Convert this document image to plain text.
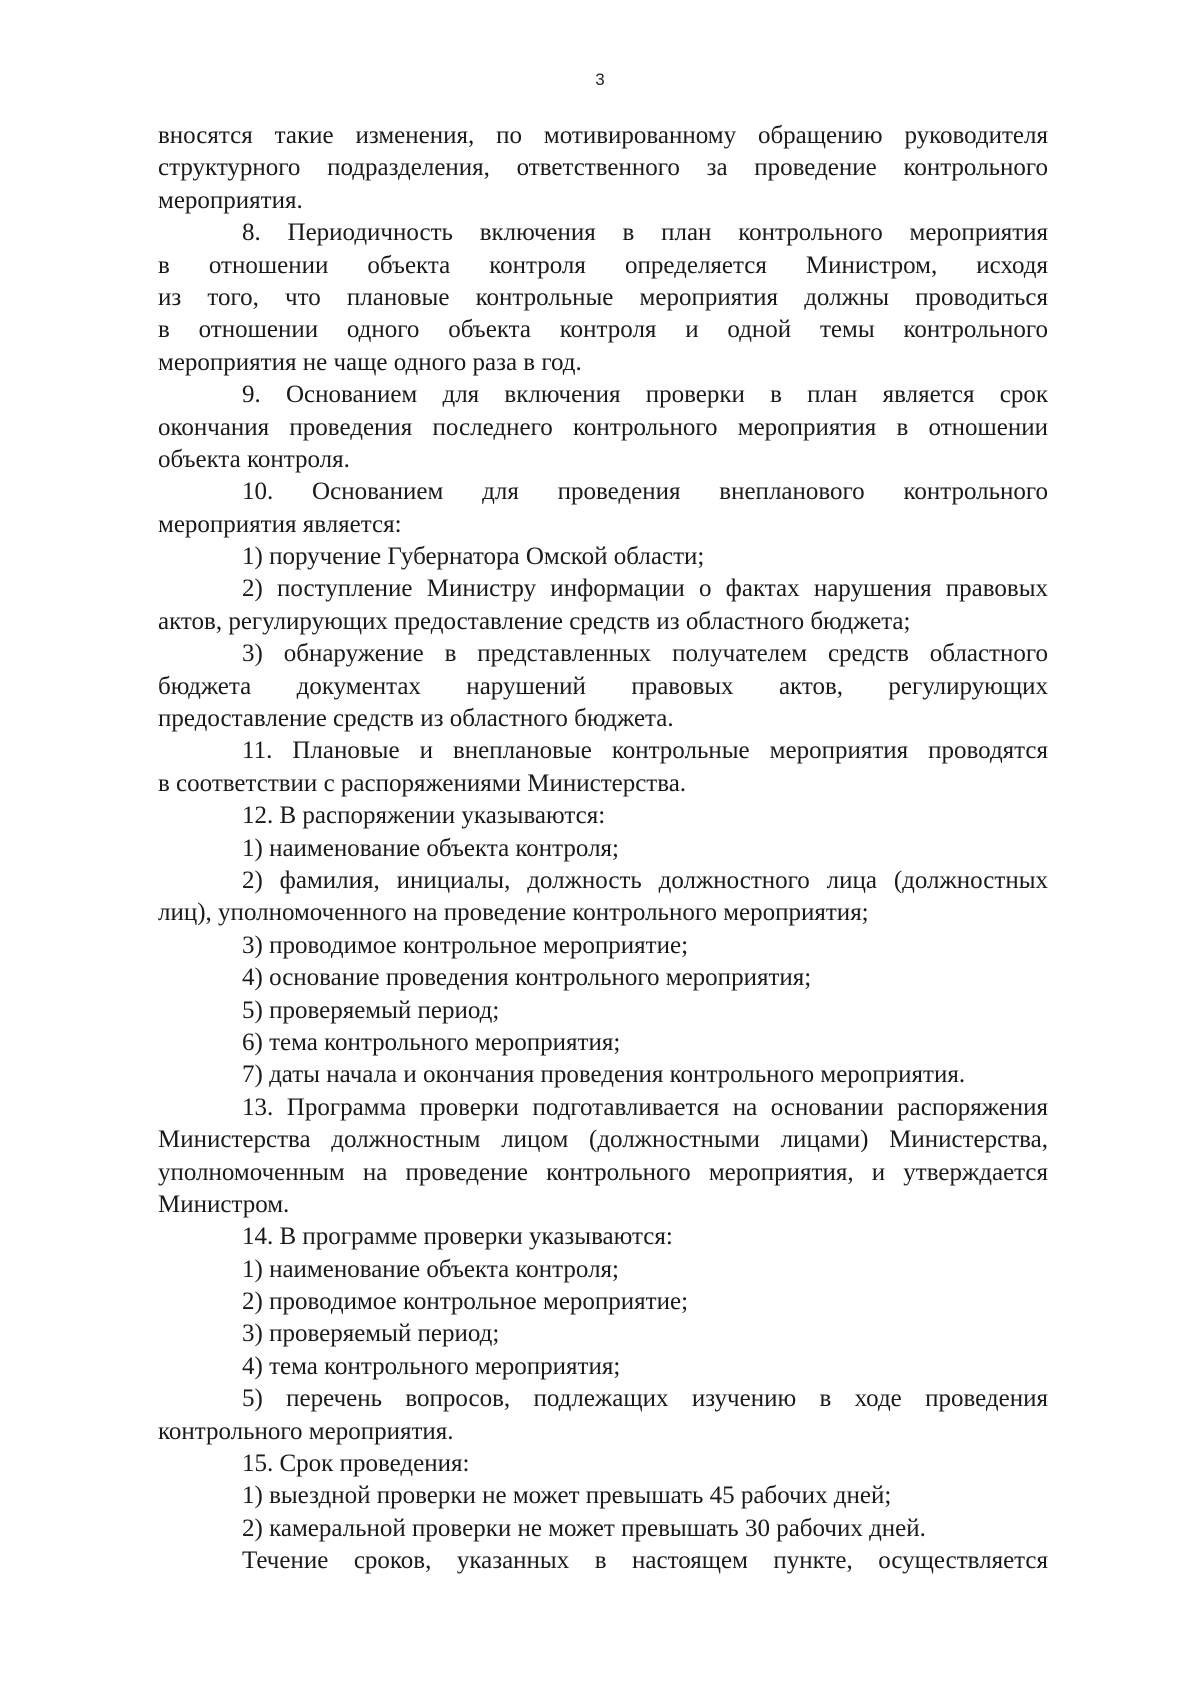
3
вносятся такие изменения, по мотивированному обращению руководителя
структурного подразделения, ответственного за проведение контрольного
мероприятия.
8. Периодичность включения в план контрольного мероприятия
в отношении объекта контроля определяется Министром, исходя
из того, что плановые контрольные мероприятия должны проводиться
в отношении одного объекта контроля и одной темы контрольного
мероприятия не чаще одного раза в год.
9. Основанием для включения проверки в план является срок
окончания проведения последнего контрольного мероприятия в отношении
объекта контроля.
10. Основанием для проведения внепланового контрольного
мероприятия является:
1) поручение Губернатора Омской области;
2) поступление Министру информации о фактах нарушения правовых
актов, регулирующих предоставление средств из областного бюджета;
3) обнаружение в представленных получателем средств областного
бюджета документах нарушений правовых актов, регулирующих
предоставление средств из областного бюджета.
11. Плановые и внеплановые контрольные мероприятия проводятся
в соответствии с распоряжениями Министерства.
12. В распоряжении указываются:
1) наименование объекта контроля;
2) фамилия, инициалы, должность должностного лица (должностных
лиц), уполномоченного на проведение контрольного мероприятия;
3) проводимое контрольное мероприятие;
4) основание проведения контрольного мероприятия;
5) проверяемый период;
6) тема контрольного мероприятия;
7) даты начала и окончания проведения контрольного мероприятия.
13. Программа проверки подготавливается на основании распоряжения
Министерства должностным лицом (должностными лицами) Министерства,
уполномоченным на проведение контрольного мероприятия, и утверждается
Министром.
14. В программе проверки указываются:
1) наименование объекта контроля;
2) проводимое контрольное мероприятие;
3) проверяемый период;
4) тема контрольного мероприятия;
5) перечень вопросов, подлежащих изучению в ходе проведения
контрольного мероприятия.
15. Срок проведения:
1) выездной проверки не может превышать 45 рабочих дней;
2) камеральной проверки не может превышать 30 рабочих дней.
Течение сроков, указанных в настоящем пункте, осуществляется
